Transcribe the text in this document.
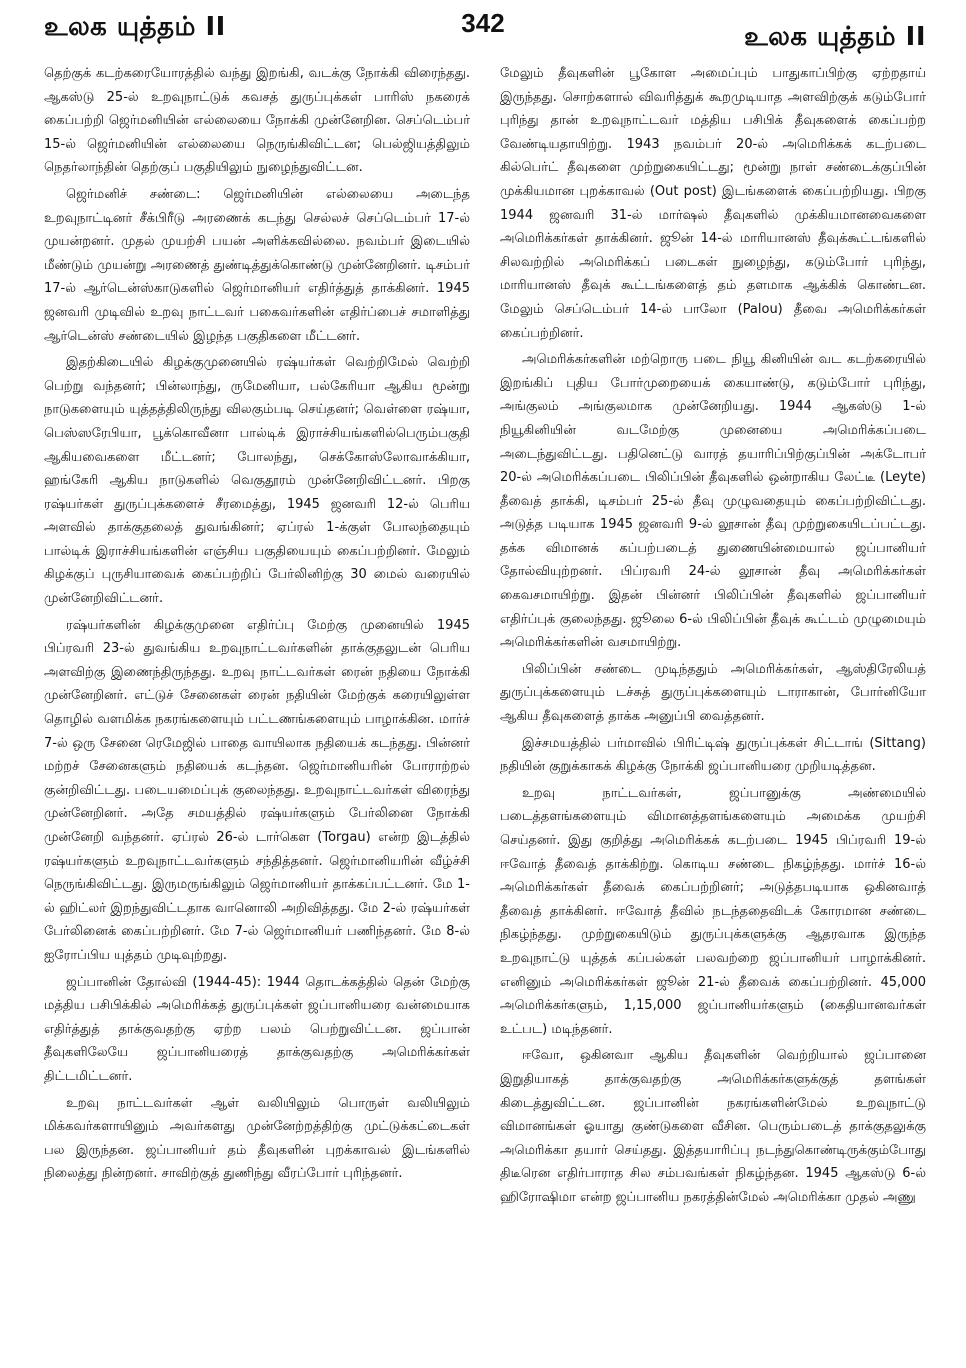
உலக யுத்தம் II	342	உலக யுத்தம் II

தெற்குக் கடற்கரையோரத்தில் வந்து இறங்கி, வடக்கு நோக்கி விரைந்தது. ஆகஸ்டு 25-ல் உறவுநாட்டுக் கவசத் துருப்புக்கள் பாரிஸ் நகரைக் கைப்பற்றி ஜெர்மனியின் எல்லையை நோக்கி முன்னேறின. செப்டெம்பர் 15-ல் ஜெர்மனியின் எல்லையை நெருங்கிவிட்டன; பெல்ஜியத்திலும் நெதர்லாந்தின் தெற்குப் பகுதியிலும் நுழைந்துவிட்டன.

ஜெர்மனிச் சண்டை: ஜெர்மனியின் எல்லையை அடைந்த உறவுநாட்டினர் சீக்பிரீடு அரணைக் கடந்து செல்லச் செப்டெம்பர் 17-ல் முயன்றனர். முதல் முயற்சி பயன் அளிக்கவில்லை. நவம்பர் இடையில் மீண்டும் முயன்று அரணைத் துண்டித்துக்கொண்டு முன்னேறினர். டிசம்பர் 17-ல் ஆர்டென்ஸ்காடுகளில் ஜெர்மானியர் எதிர்த்துத் தாக்கினர். 1945 ஜனவரி முடிவில் உறவு நாட்டவர் பகைவர்களின் எதிர்ப்பைச் சமாளித்து ஆர்டென்ஸ் சண்டையில் இழந்த பகுதிகளை மீட்டனர்.

இதற்கிடையில் கிழக்குமுனையில் ரஷ்யர்கள் வெற்றிமேல் வெற்றி பெற்று வந்தனர்; பின்லாந்து, ருமேனியா, பல்கேரியா ஆகிய மூன்று நாடுகளையும் யுத்தத்திலிருந்து விலகும்படி செய்தனர்; வெள்ளை ரஷ்யா, பெஸ்ஸரேபியா, பூக்கொவீனா பால்டிக் இராச்சியங்களில்பெரும்பகுதி ஆகியவைகளை மீட்டனர்; போலந்து, செக்கோஸ்லோவாக்கியா, ஹங்கேரி ஆகிய நாடுகளில் வெகுதூரம் முன்னேறிவிட்டனர். பிறகு ரஷ்யர்கள் துருப்புக்களைச் சீரமைத்து, 1945 ஜனவரி 12-ல் பெரிய அளவில் தாக்குதலைத் துவங்கினர்; ஏப்ரல் 1-க்குள் போலந்தையும் பால்டிக் இராச்சியங்களின் எஞ்சிய பகுதியையும் கைப்பற்றினர். மேலும் கிழக்குப் புருசியாவைக் கைப்பற்றிப் பேர்லினிற்கு 30 மைல் வரையில் முன்னேறிவிட்டனர்.

ரஷ்யர்களின் கிழக்குமுனை எதிர்ப்பு மேற்கு முனையில் 1945 பிப்ரவரி 23-ல் துவங்கிய உறவுநாட்டவர்களின் தாக்குதலுடன் பெரிய அளவிற்கு இணைந்திருந்தது. உறவு நாட்டவர்கள் ரைன் நதியை நோக்கி முன்னேறினர். எட்டுச் சேனைகள் ரைன் நதியின் மேற்குக் கரையிலுள்ள தொழில் வளமிக்க நகரங்களையும் பட்டணங்களையும் பாழாக்கின. மார்ச் 7-ல் ஒரு சேனை ரெமேஜில் பாதை வாயிலாக நதியைக் கடந்தது. பின்னர் மற்றச் சேனைகளும் நதியைக் கடந்தன. ஜெர்மானியரின் போராற்றல் குன்றிவிட்டது. படையமைப்புக் குலைந்தது. உறவுநாட்டவர்கள் விரைந்து முன்னேறினர். அதே சமயத்தில் ரஷ்யர்களும் பேர்லினை நோக்கி முன்னேறி வந்தனர். ஏப்ரல் 26-ல் டார்கௌ (Torgau) என்ற இடத்தில் ரஷ்யர்களும் உறவுநாட்டவர்களும் சந்தித்தனர். ஜெர்மானியரின் வீழ்ச்சி நெருங்கிவிட்டது. இருமருங்கிலும் ஜெர்மானியர் தாக்கப்பட்டனர். மே 1-ல் ஹிட்லர் இறந்துவிட்டதாக வானொலி அறிவித்தது. மே 2-ல் ரஷ்யர்கள் பேர்லினைக் கைப்பற்றினர். மே 7-ல் ஜெர்மானியர் பணிந்தனர். மே 8-ல் ஐரோப்பிய யுத்தம் முடிவுற்றது.

ஜப்பானின் தோல்வி (1944-45): 1944 தொடக்கத்தில் தென் மேற்கு மத்திய பசிபிக்கில் அமெரிக்கத் துருப்புக்கள் ஜப்பானியரை வன்மையாக எதிர்த்துத் தாக்குவதற்கு ஏற்ற பலம் பெற்றுவிட்டன. ஜப்பான் தீவுகளிலேயே ஜப்பானியரைத் தாக்குவதற்கு அமெரிக்கர்கள் திட்டமிட்டனர்.

உறவு நாட்டவர்கள் ஆள் வலியிலும் பொருள் வலியிலும் மிக்கவர்களாயினும் அவர்களது முன்னேற்றத்திற்கு முட்டுக்கட்டைகள் பல இருந்தன. ஜப்பானியர் தம் தீவுகளின் புறக்காவல் இடங்களில் நிலைத்து நின்றனர். சாவிற்குத் துணிந்து வீரப்போர் புரிந்தனர்.

மேலும் தீவுகளின் பூகோள அமைப்பும் பாதுகாப்பிற்கு ஏற்றதாய் இருந்தது. சொற்களால் விவரித்துக் கூறமுடியாத அளவிற்குக் கடும்போர் புரிந்து தான் உறவுநாட்டவர் மத்திய பசிபிக் தீவுகளைக் கைப்பற்ற வேண்டியதாயிற்று. 1943 நவம்பர் 20-ல் அமெரிக்கக் கடற்படை கில்பெர்ட் தீவுகளை முற்றுகையிட்டது; மூன்று நாள் சண்டைக்குப்பின் முக்கியமான புறக்காவல் (Out post) இடங்களைக் கைப்பற்றியது. பிறகு 1944 ஜனவரி 31-ல் மார்ஷல் தீவுகளில் முக்கியமானவைகளை அமெரிக்கர்கள் தாக்கினர். ஜூன் 14-ல் மாரியானஸ் தீவுக்கூட்டங்களில் சிலவற்றில் அமெரிக்கப் படைகள் நுழைந்து, கடும்போர் புரிந்து, மாரியானஸ் தீவுக் கூட்டங்களைத் தம் தளமாக ஆக்கிக் கொண்டன. மேலும் செப்டெம்பர் 14-ல் பாலோ (Palou) தீவை அமெரிக்கர்கள் கைப்பற்றினர்.

அமெரிக்கர்களின் மற்றொரு படை நியூ கினியின் வட கடற்கரையில் இறங்கிப் புதிய போர்முறையைக் கையாண்டு, கடும்போர் புரிந்து, அங்குலம் அங்குலமாக முன்னேறியது. 1944 ஆகஸ்டு 1-ல் நியூகினியின் வடமேற்கு முனையை அமெரிக்கப்படை அடைந்துவிட்டது. பதினெட்டு வாரத் தயாரிப்பிற்குப்பின் அக்டோபர் 20-ல் அமெரிக்கப்படை பிலிப்பின் தீவுகளில் ஒன்றாகிய லேட்டீ (Leyte) தீவைத் தாக்கி, டிசம்பர் 25-ல் தீவு முழுவதையும் கைப்பற்றிவிட்டது. அடுத்த படியாக 1945 ஜனவரி 9-ல் லூசான் தீவு முற்றுகையிடப்பட்டது. தக்க விமானக் கப்பற்படைத் துணையின்மையால் ஜப்பானியர் தோல்வியுற்றனர். பிப்ரவரி 24-ல் லூசான் தீவு அமெரிக்கர்கள் கைவசமாயிற்று. இதன் பின்னர் பிலிப்பின் தீவுகளில் ஜப்பானியர் எதிர்ப்புக் குலைந்தது. ஜூலை 6-ல் பிலிப்பின் தீவுக் கூட்டம் முழுமையும் அமெரிக்கர்களின் வசமாயிற்று.

பிலிப்பின் சண்டை முடிந்ததும் அமெரிக்கர்கள், ஆஸ்திரேலியத் துருப்புக்களையும் டச்சுத் துருப்புக்களையும் டாராகான், போர்னியோ ஆகிய தீவுகளைத் தாக்க அனுப்பி வைத்தனர்.

இச்சமயத்தில் பர்மாவில் பிரிட்டிஷ் துருப்புக்கள் சிட்டாங் (Sittang) நதியின் குறுக்காகக் கிழக்கு நோக்கி ஜப்பானியரை முறியடித்தன.

உறவு நாட்டவர்கள், ஜப்பானுக்கு அண்மையில் படைத்தளங்களையும் விமானத்தளங்களையும் அமைக்க முயற்சி செய்தனர். இது குறித்து அமெரிக்கக் கடற்படை 1945 பிப்ரவரி 19-ல் ஈவோத் தீவைத் தாக்கிற்று. கொடிய சண்டை நிகழ்ந்தது. மார்ச் 16-ல் அமெரிக்கர்கள் தீவைக் கைப்பற்றினர்; அடுத்தபடியாக ஒகினவாத் தீவைத் தாக்கினர். ஈவோத் தீவில் நடந்ததைவிடக் கோரமான சண்டை நிகழ்ந்தது. முற்றுகையிடும் துருப்புக்களுக்கு ஆதரவாக இருந்த உறவுநாட்டு யுத்தக் கப்பல்கள் பலவற்றை ஜப்பானியர் பாழாக்கினர். எனினும் அமெரிக்கர்கள் ஜூன் 21-ல் தீவைக் கைப்பற்றினர். 45,000 அமெரிக்கர்களும், 1,15,000 ஜப்பானியர்களும் (கைதியானவர்கள் உட்பட) மடிந்தனர்.

ஈவோ, ஒகினவா ஆகிய தீவுகளின் வெற்றியால் ஜப்பானை இறுதியாகத் தாக்குவதற்கு அமெரிக்கர்களுக்குத் தளங்கள் கிடைத்துவிட்டன. ஜப்பானின் நகரங்களின்மேல் உறவுநாட்டு விமானங்கள் ஓயாது குண்டுகளை வீசின. பெரும்படைத் தாக்குதலுக்கு அமெரிக்கா தயார் செய்தது. இத்தயாரிப்பு நடந்துகொண்டிருக்கும்போது திடீரென எதிர்பாராத சில சம்பவங்கள் நிகழ்ந்தன. 1945 ஆகஸ்டு 6-ல் ஹிரோஷிமா என்ற ஜப்பானிய நகரத்தின்மேல் அமெரிக்கா முதல் அணு
